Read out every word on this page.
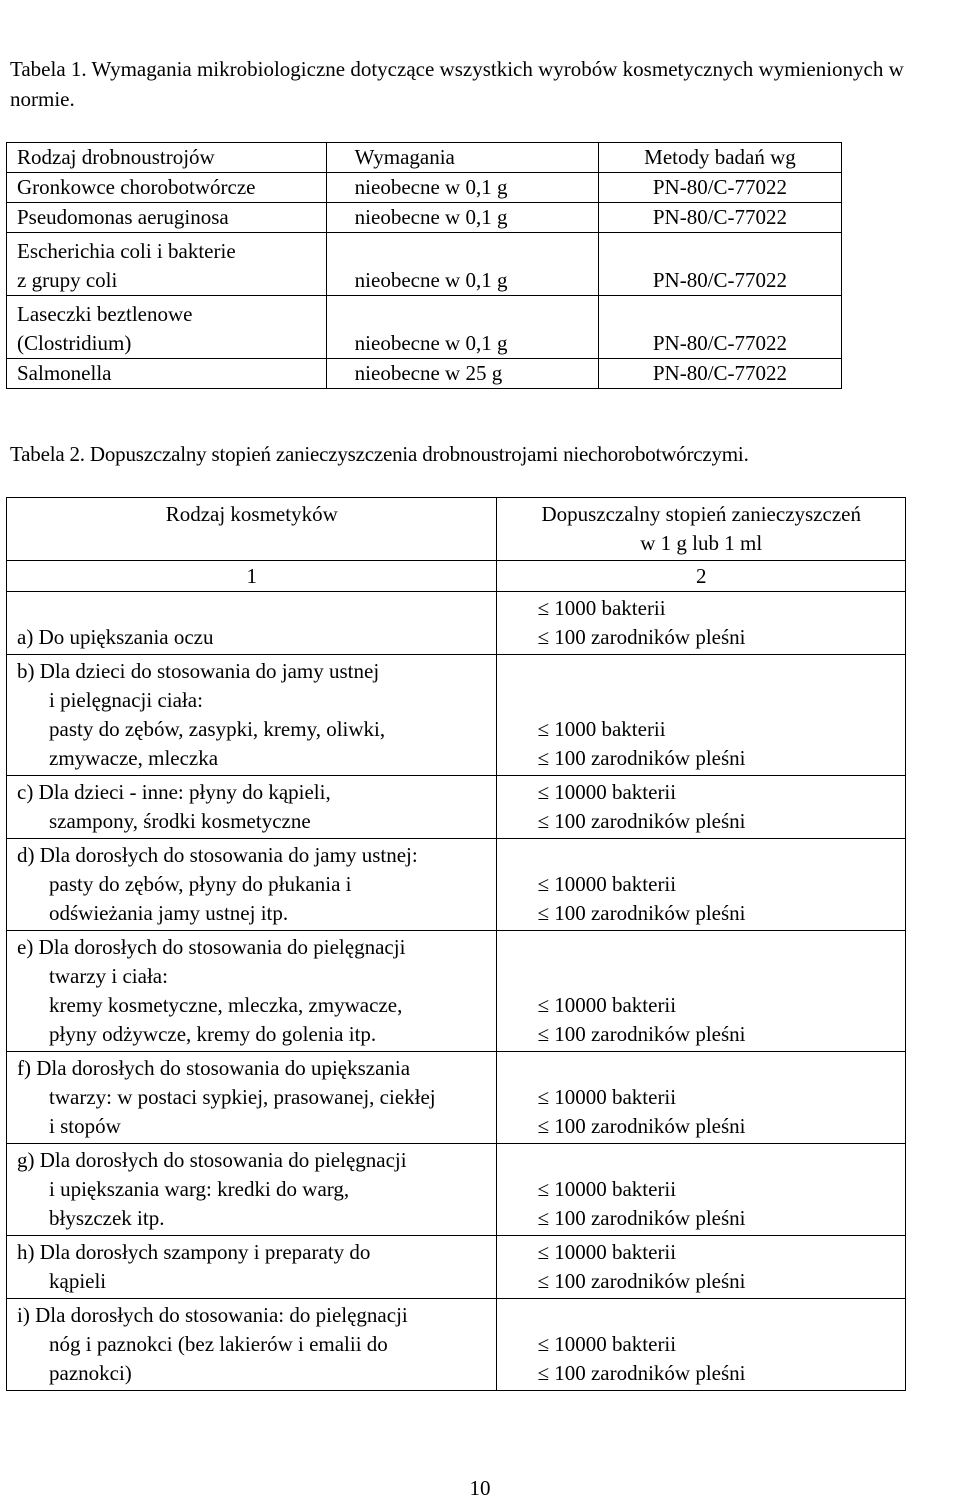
Tabela 1. Wymagania mikrobiologiczne dotyczące wszystkich wyrobów kosmetycznych wymienionych w normie.
Rodzaj drobnoustrojów	Wymagania	Metody badań wg

Gronkowce chorobotwórcze	nieobecne w 0,1 g	PN-80/C-77022

Pseudomonas aeruginosa	nieobecne w 0,1 g	PN-80/C-77022

Escherichia coli i bakterie
z grupy coli	nieobecne w 0,1 g	PN-80/C-77022

Laseczki beztlenowe
(Clostridium)	nieobecne w 0,1 g	PN-80/C-77022

Salmonella	nieobecne w 25 g	PN-80/C-77022
Tabela 2. Dopuszczalny stopień zanieczyszczenia drobnoustrojami niechorobotwórczymi.
Rodzaj kosmetyków	Dopuszczalny stopień zanieczyszczeń
w 1 g lub 1 ml

1	2

a) Do upiększania oczu	≤ 1000 bakterii
≤ 100 zarodników pleśni

b) Dla dzieci do stosowania do jamy ustnej
i pielęgnacji ciała:
pasty do zębów, zasypki, kremy, oliwki,
zmywacze, mleczka	≤ 1000 bakterii
≤ 100 zarodników pleśni

c) Dla dzieci - inne: płyny do kąpieli,
szampony, środki kosmetyczne	≤ 10000 bakterii
≤ 100 zarodników pleśni

d) Dla dorosłych do stosowania do jamy ustnej:
pasty do zębów, płyny do płukania i
odświeżania jamy ustnej itp.	≤ 10000 bakterii
≤ 100 zarodników pleśni

e) Dla dorosłych do stosowania do pielęgnacji
twarzy i ciała:
kremy kosmetyczne, mleczka, zmywacze,
płyny odżywcze, kremy do golenia itp.	≤ 10000 bakterii
≤ 100 zarodników pleśni

f) Dla dorosłych do stosowania do upiększania
twarzy: w postaci sypkiej, prasowanej, ciekłej
i stopów	≤ 10000 bakterii
≤ 100 zarodników pleśni

g) Dla dorosłych do stosowania do pielęgnacji
i upiększania warg: kredki do warg,
błyszczek itp.	≤ 10000 bakterii
≤ 100 zarodników pleśni

h) Dla dorosłych szampony i preparaty do
kąpieli	≤ 10000 bakterii
≤ 100 zarodników pleśni

i) Dla dorosłych do stosowania: do pielęgnacji
nóg i paznokci (bez lakierów i emalii do
paznokci)	≤ 10000 bakterii
≤ 100 zarodników pleśni
10
